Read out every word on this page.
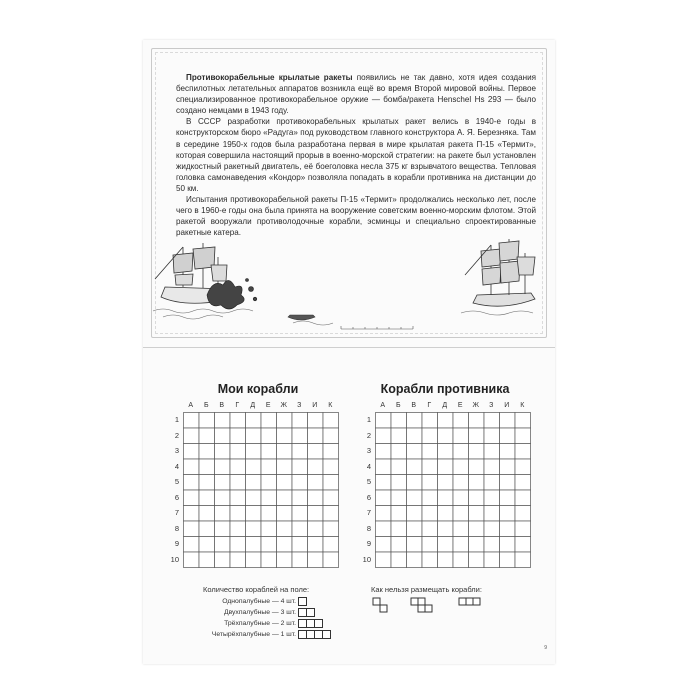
Противокорабельные крылатые ракеты появились не так давно, хотя идея создания беспилотных летательных аппаратов возникла ещё во время Второй мировой войны. Первое специализированное противокорабельное оружие — бомба/ракета Henschel Hs 293 — было создано немцами в 1943 году.

В СССР разработки противокорабельных крылатых ракет велись в 1940-е годы в конструкторском бюро «Радуга» под руководством главного конструктора А. Я. Березняка. Там в середине 1950-х годов была разработана первая в мире крылатая ракета П-15 «Термит», которая совершила настоящий прорыв в военно-морской стратегии: на ракете был установлен жидкостный ракетный двигатель, её боеголовка несла 375 кг взрывчатого вещества. Тепловая головка самонаведения «Кондор» позволяла попадать в корабли противника на дистанции до 50 км.

Испытания противокорабельной ракеты П-15 «Термит» продолжались несколько лет, после чего в 1960-е годы она была принята на вооружение советским военно-морским флотом. Этой ракетой вооружали противолодочные корабли, эсминцы и специально спроектированные ракетные катера.

Мои корабли
А	Б	В	Г	Д	Е	Ж	З	И	К
1
2
3
4
5
6
7
8
9
10
Корабли противника
А	Б	В	Г	Д	Е	Ж	З	И	К
1
2
3
4
5
6
7
8
9
10
Количество кораблей на поле:
Однопалубные — 4 шт.
Двухпалубные — 3 шт.
Трёхпалубные — 2 шт.
Четырёхпалубные — 1 шт.
Как нельзя размещать корабли:
9
